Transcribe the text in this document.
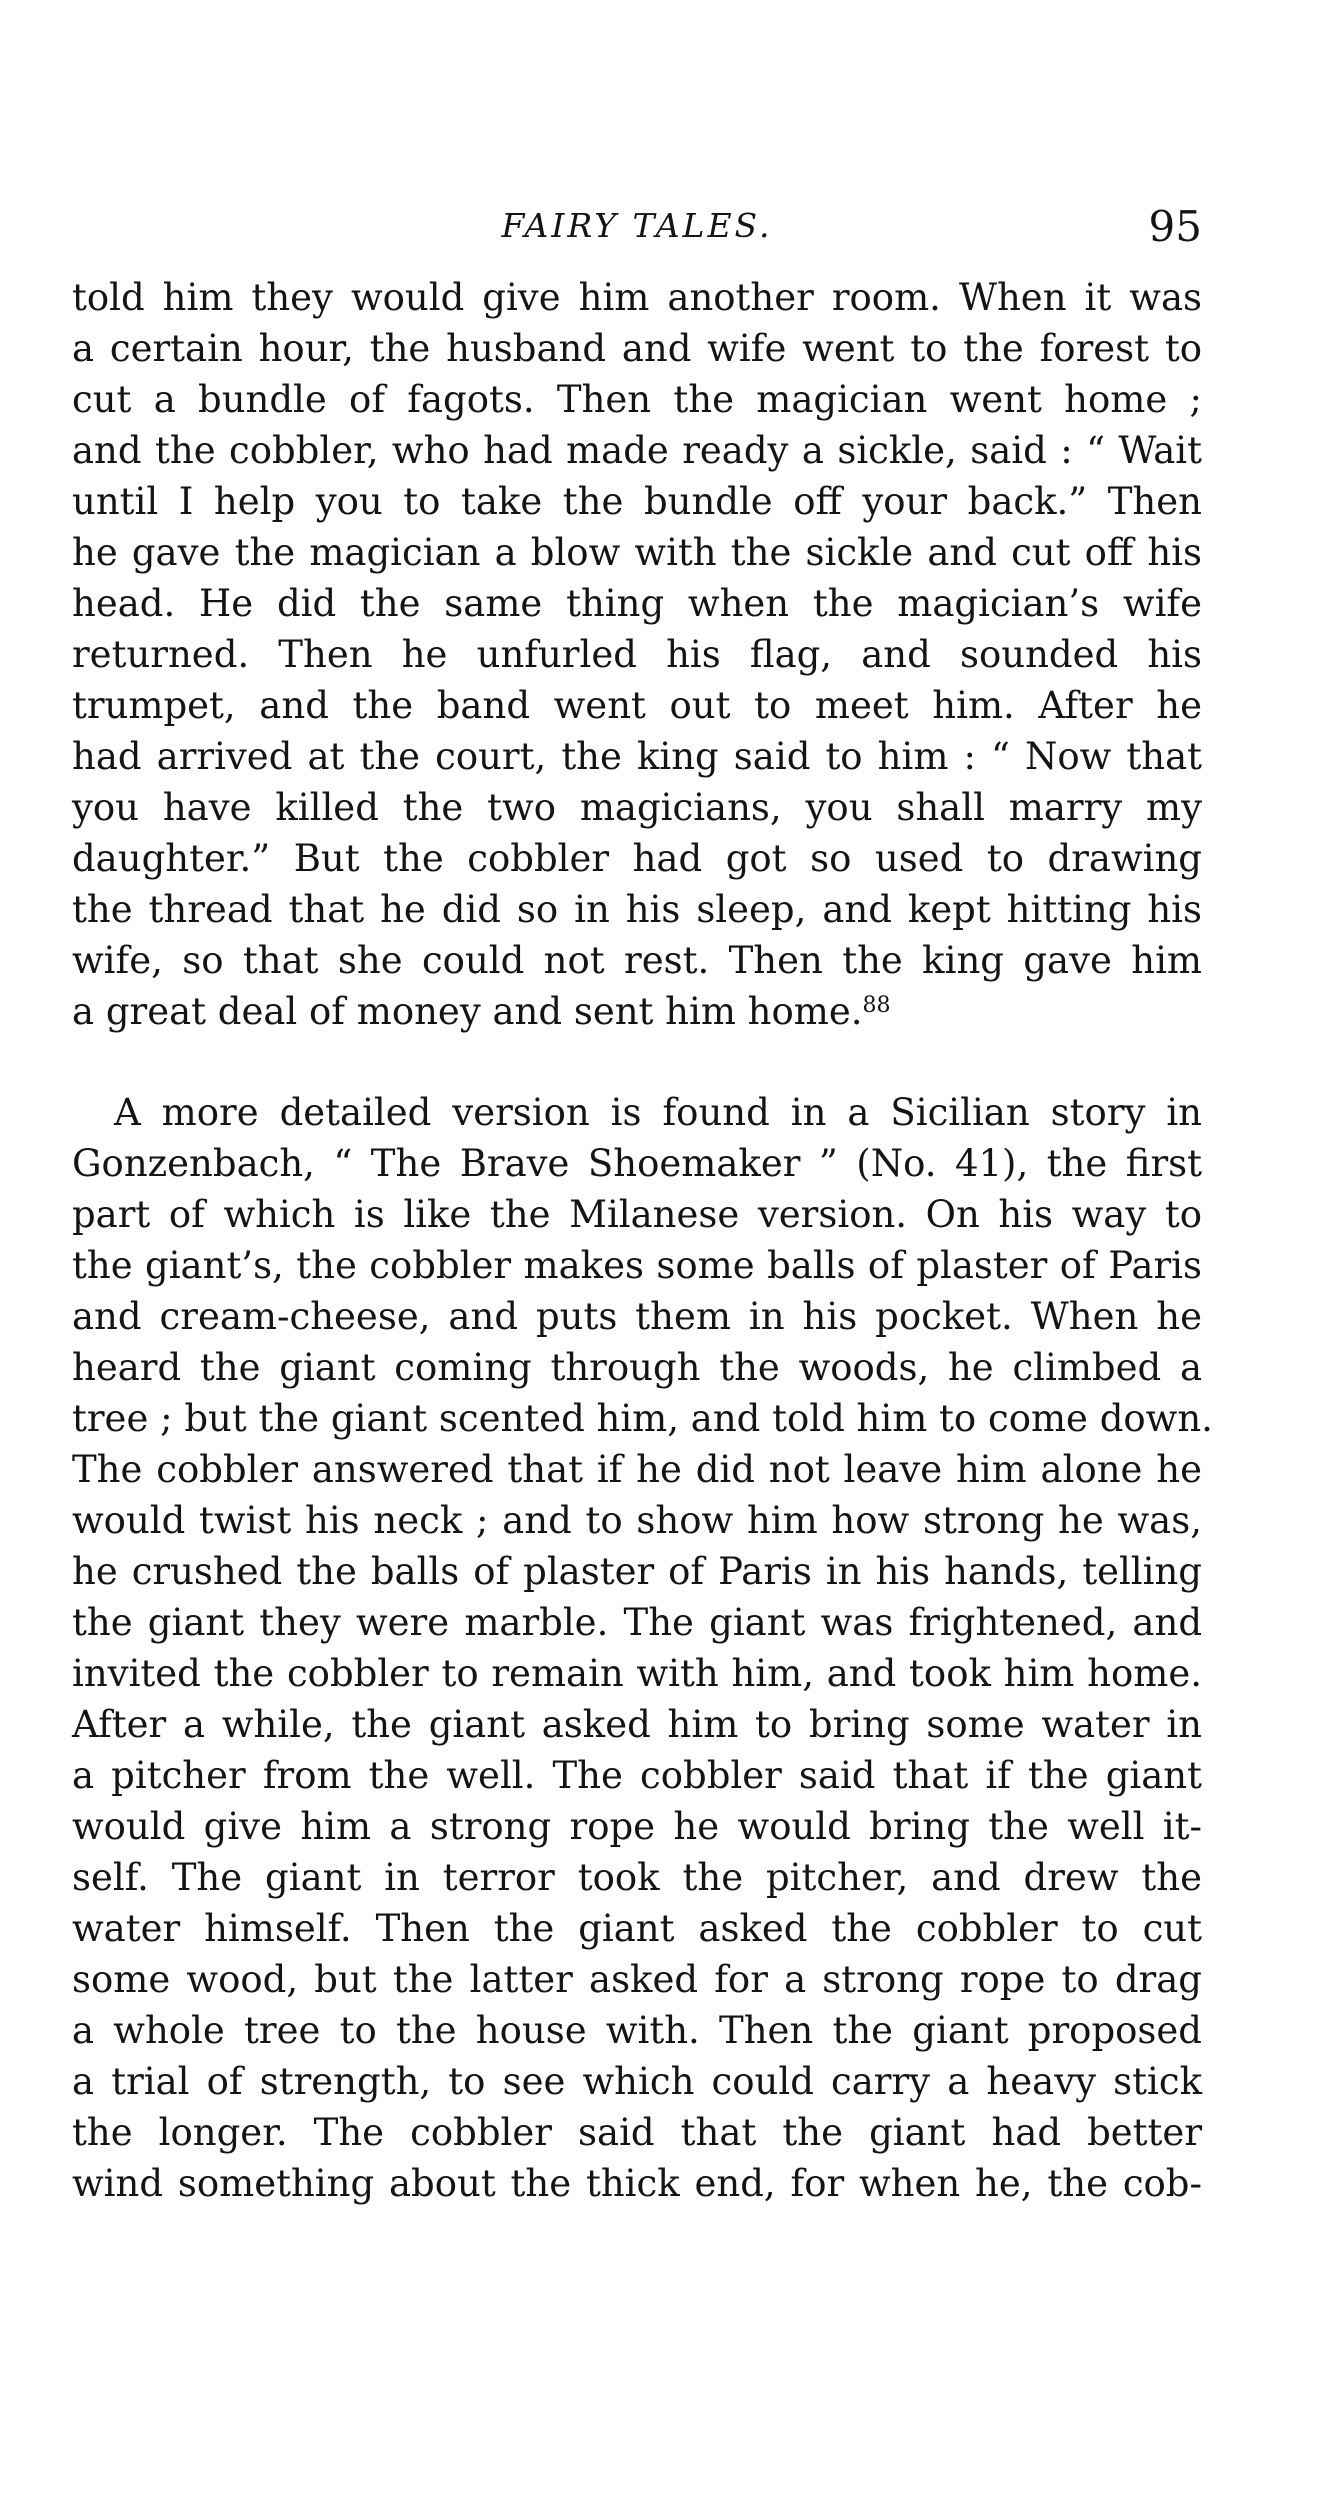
FAIRY TALES.	95

told him they would give him another room. When it was
a certain hour, the husband and wife went to the forest to
cut a bundle of fagots. Then the magician went home ;
and the cobbler, who had made ready a sickle, said : “ Wait
until I help you to take the bundle off your back.” Then
he gave the magician a blow with the sickle and cut off his
head. He did the same thing when the magician’s wife
returned. Then he unfurled his flag, and sounded his
trumpet, and the band went out to meet him. After he
had arrived at the court, the king said to him : “ Now that
you have killed the two magicians, you shall marry my
daughter.” But the cobbler had got so used to drawing
the thread that he did so in his sleep, and kept hitting his
wife, so that she could not rest. Then the king gave him
a great deal of money and sent him home.$^{88}$

A more detailed version is found in a Sicilian story in
Gonzenbach, “ The Brave Shoemaker ” (No. 41), the first
part of which is like the Milanese version. On his way to
the giant’s, the cobbler makes some balls of plaster of Paris
and cream-cheese, and puts them in his pocket. When he
heard the giant coming through the woods, he climbed a
tree ; but the giant scented him, and told him to come down.
The cobbler answered that if he did not leave him alone he
would twist his neck ; and to show him how strong he was,
he crushed the balls of plaster of Paris in his hands, telling
the giant they were marble. The giant was frightened, and
invited the cobbler to remain with him, and took him home.
After a while, the giant asked him to bring some water in
a pitcher from the well. The cobbler said that if the giant
would give him a strong rope he would bring the well it-
self. The giant in terror took the pitcher, and drew the
water himself. Then the giant asked the cobbler to cut
some wood, but the latter asked for a strong rope to drag
a whole tree to the house with. Then the giant proposed
a trial of strength, to see which could carry a heavy stick
the longer. The cobbler said that the giant had better
wind something about the thick end, for when he, the cob-
